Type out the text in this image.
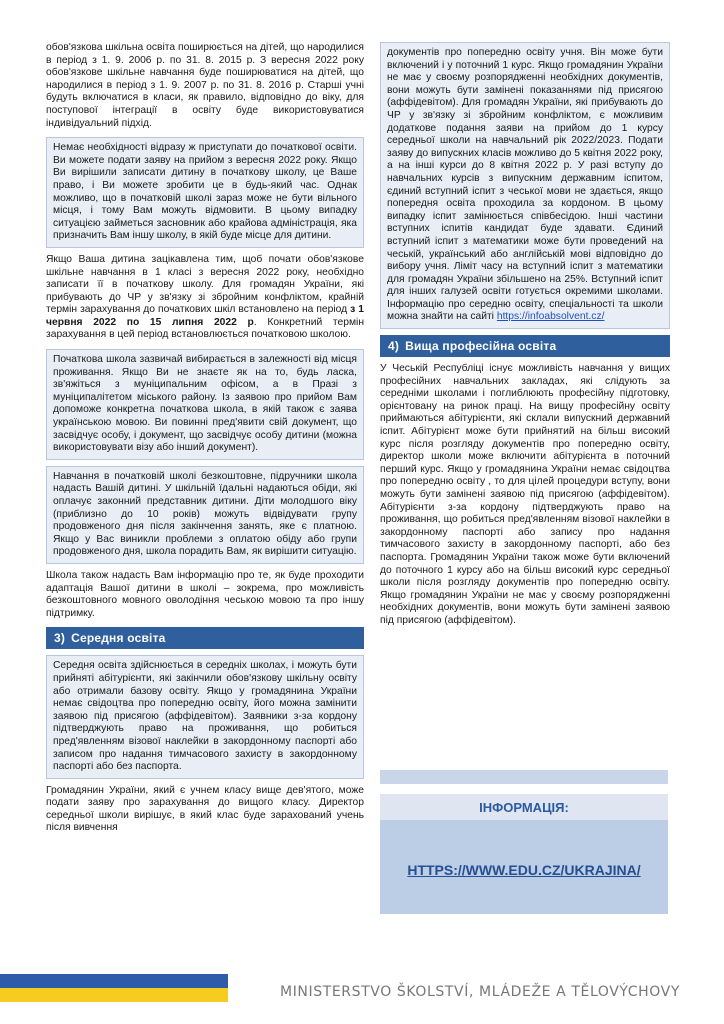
обов'язкова шкільна освіта поширюється на дітей, що народилися в період з 1. 9. 2006 р. по 31. 8. 2015 р. З вересня 2022 року обов'язкове шкільне навчання буде поширюватися на дітей, що народилися в період з 1. 9. 2007 р. по 31. 8. 2016 р. Старші учні будуть включатися в класи, як правило, відповідно до віку, для поступової інтеграції в освіту буде використовуватися індивідуальний підхід.

Немає необхідності відразу ж приступати до початкової освіти. Ви можете подати заяву на прийом з вересня 2022 року. Якщо Ви вирішили записати дитину в початкову школу, це Ваше право, і Ви можете зробити це в будь-який час. Однак можливо, що в початковій школі зараз може не бути вільного місця, і тому Вам можуть відмовити. В цьому випадку ситуацією займеться засновник або крайова адміністрація, яка призначить Вам іншу школу, в якій буде місце для дитини.

Якщо Ваша дитина зацікавлена тим, щоб почати обов'язкове шкільне навчання в 1 класі з вересня 2022 року, необхідно записати її в початкову школу. Для громадян України, які прибувають до ЧР у зв'язку зі збройним конфліктом, крайній термін зарахування до початкових шкіл встановлено на період з 1 червня 2022 по 15 липня 2022 р. Конкретний термін зарахування в цей період встановлюється початковою школою.

Початкова школа зазвичай вибирається в залежності від місця проживання. Якщо Ви не знаєте як на то, будь ласка, зв'яжіться з муніципальним офісом, а в Празі з муніципалітетом міського району. Із заявою про прийом Вам допоможе конкретна початкова школа, в якій також є заява українською мовою. Ви повинні пред'явити свій документ, що засвідчує особу, і документ, що засвідчує особу дитини (можна використовувати візу або інший документ).

Навчання в початковій школі безкоштовне, підручники школа надасть Вашій дитині. У шкільній їдальні надаються обіди, які оплачує законний представник дитини. Діти молодшого віку (приблизно до 10 років) можуть відвідувати групу продовженого дня після закінчення занять, яке є платною. Якщо у Вас виникли проблеми з оплатою обіду або групи продовженого дня, школа порадить Вам, як вирішити ситуацію.

Школа також надасть Вам інформацію про те, як буде проходити адаптація Вашої дитини в школі – зокрема, про можливість безкоштовного мовного оволодіння чеською мовою та про іншу підтримку.

3) Середня освіта

Середня освіта здійснюється в середніх школах, і можуть бути прийняті абітурієнти, які закінчили обов'язкову шкільну освіту або отримали базову освіту. Якщо у громадянина України немає свідоцтва про попередню освіту, його можна замінити заявою під присягою (аффідевітом). Заявники з-за кордону підтверджують право на проживання, що робиться пред'явленням візової наклейки в закордонному паспорті або записом про надання тимчасового захисту в закордонному паспорті або без паспорта.

Громадянин України, який є учнем класу вище дев'ятого, може подати заяву про зарахування до вищого класу. Директор середньої школи вирішує, в який клас буде зарахований учень після вивчення

документів про попередню освіту учня. Він може бути включений і у поточний 1 курс. Якщо громадянин України не має у своєму розпорядженні необхідних документів, вони можуть бути замінені показаннями під присягою (аффідевітом). Для громадян України, які прибувають до ЧР у зв'язку зі збройним конфліктом, є можливим додаткове подання заяви на прийом до 1 курсу середньої школи на навчальний рік 2022/2023. Подати заяву до випускних класів можливо до 5 квітня 2022 року, а на інші курси до 8 квітня 2022 р. У разі вступу до навчальних курсів з випускним державним іспитом, єдиний вступний іспит з чеської мови не здається, якщо попередня освіта проходила за кордоном. В цьому випадку іспит замінюється співбесідою. Інші частини вступних іспитів кандидат буде здавати. Єдиний вступний іспит з математики може бути проведений на чеській, український або англійській мові відповідно до вибору учня. Ліміт часу на вступний іспит з математики для громадян України збільшено на 25%. Вступний іспит для інших галузей освіти готується окремими школами. Інформацію про середню освіту, спеціальності та школи можна знайти на сайті https://infoabsolvent.cz/

4) Вища професійна освіта

У Чеській Республіці існує можливість навчання у вищих професійних навчальних закладах, які слідують за середніми школами і поглиблюють професійну підготовку, орієнтовану на ринок праці. На вищу професійну освіту приймаються абітурієнти, які склали випускний державний іспит. Абітурієнт може бути прийнятий на більш високий курс після розгляду документів про попередню освіту, директор школи може включити абітурієнта в поточний перший курс. Якщо у громадянина України немає свідоцтва про попередню освіту , то для цілей процедури вступу, вони можуть бути замінені заявою під присягою (аффідевітом). Абітурієнти з-за кордону підтверджують право на проживання, що робиться пред'явленням візової наклейки в закордонному паспорті або запису про надання тимчасового захисту в закордонному паспорті, або без паспорта. Громадянин України також може бути включений до поточного 1 курсу або на більш високий курс середньої школи після розгляду документів про попередню освіту. Якщо громадянин України не має у своєму розпорядженні необхідних документів, вони можуть бути замінені заявою під присягою (аффідевітом).

ІНФОРМАЦІЯ:
HTTPS://WWW.EDU.CZ/UKRAJINA/
MINISTERSTVO ŠKOLSTVÍ, MLÁDEŽE A TĚLOVÝCHOVY
